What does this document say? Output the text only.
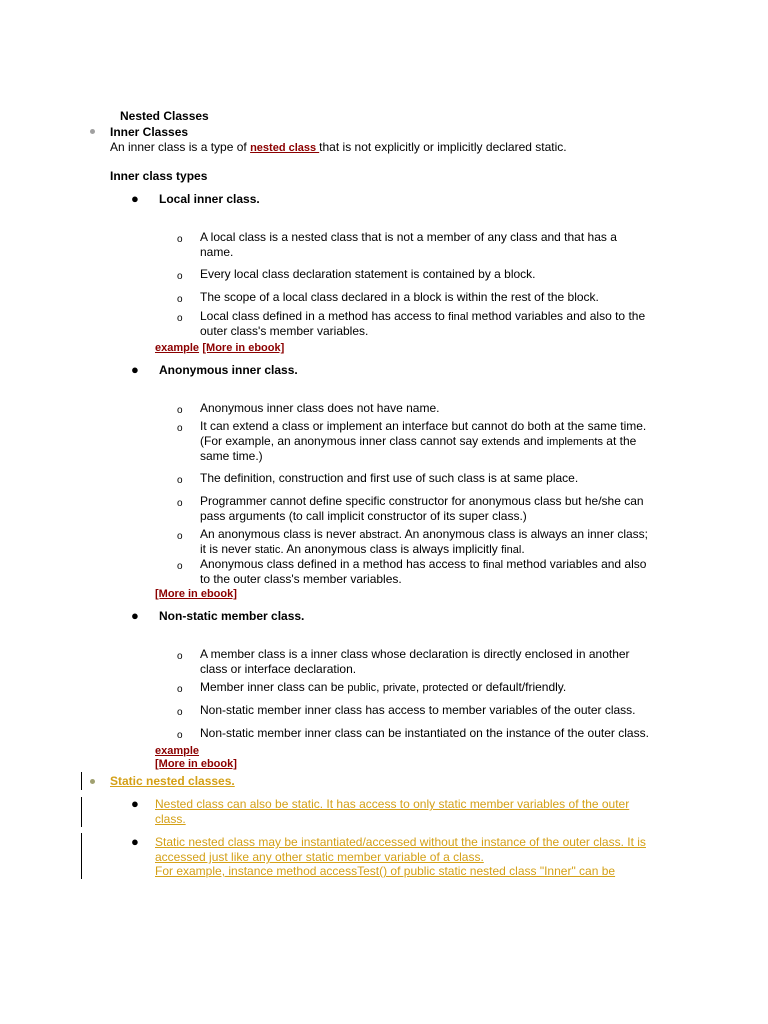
Nested Classes
Inner Classes
An inner class is a type of nested class that is not explicitly or implicitly declared static.
Inner class types
● Local inner class.
o A local class is a nested class that is not a member of any class and that has a
name.
o Every local class declaration statement is contained by a block.
o The scope of a local class declared in a block is within the rest of the block.
o Local class defined in a method has access to final method variables and also to the
outer class's member variables.
example [More in ebook]
● Anonymous inner class.
o Anonymous inner class does not have name.
o It can extend a class or implement an interface but cannot do both at the same time.
(For example, an anonymous inner class cannot say extends and implements at the
same time.)
o The definition, construction and first use of such class is at same place.
o Programmer cannot define specific constructor for anonymous class but he/she can
pass arguments (to call implicit constructor of its super class.)
o An anonymous class is never abstract. An anonymous class is always an inner class;
it is never static. An anonymous class is always implicitly final.
o Anonymous class defined in a method has access to final method variables and also
to the outer class's member variables.
[More in ebook]
● Non-static member class.
o A member class is a inner class whose declaration is directly enclosed in another
class or interface declaration.
o Member inner class can be public, private, protected or default/friendly.
o Non-static member inner class has access to member variables of the outer class.
o Non-static member inner class can be instantiated on the instance of the outer class.
example
[More in ebook]
Static nested classes.
● Nested class can also be static. It has access to only static member variables of the outer
class.
● Static nested class may be instantiated/accessed without the instance of the outer class. It is
accessed just like any other static member variable of a class.
For example, instance method accessTest() of public static nested class "Inner" can be
